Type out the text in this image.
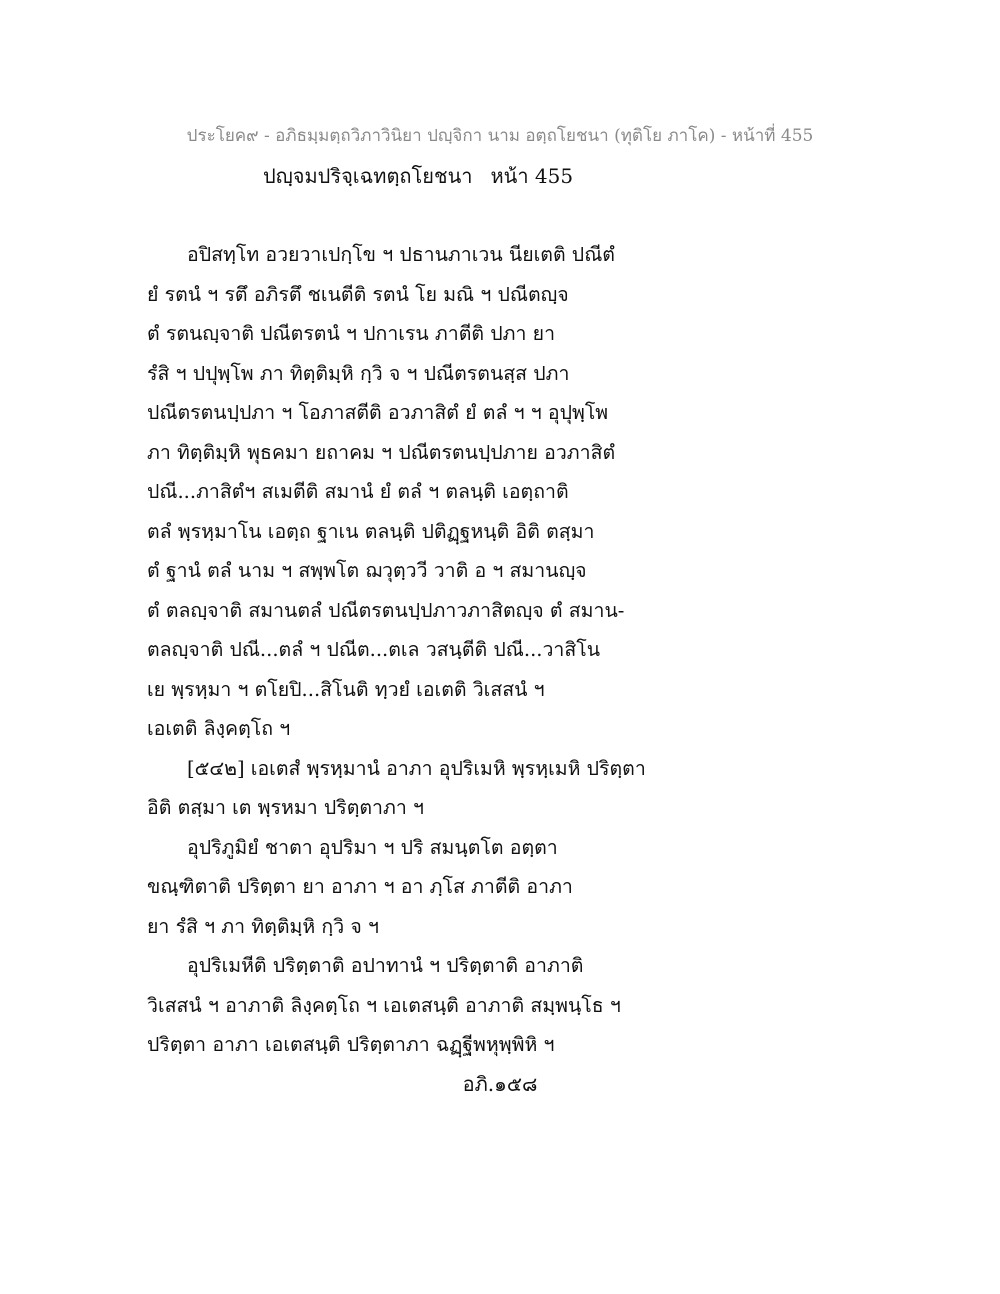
ประโยค๙ - อภิธมฺมตฺถวิภาวินิยา ปญฺจิกา นาม อตฺถโยชนา (ทุติโย ภาโค) - หน้าที่ 455
ปญฺจมปริจฺเฉทตฺถโยชนา หน้า 455
อปิสทฺโท อวยวาเปกฺโข ฯ ปธานภาเวน นียเตติ ปณีตํ
ยํ รตนํ ฯ รตึ อภิรตึ ชเนตีติ รตนํ โย มณิ ฯ ปณีตญฺจ
ตํ รตนญฺจาติ ปณีตรตนํ ฯ ปกาเรน ภาตีติ ปภา ยา
รํสิ ฯ ปปุพฺโพ ภา ทิตฺติมฺหิ กฺวิ จ ฯ ปณีตรตนสฺส ปภา
ปณีตรตนปฺปภา ฯ โอภาสตีติ อวภาสิตํ ยํ ตลํ ฯ ฯ อุปุพฺโพ
ภา ทิตฺติมฺหิ พุธคมา ยถาคม ฯ ปณีตรตนปฺปภาย อวภาสิตํ
ปณี...ภาสิตํฯ สเมตีติ สมานํ ยํ ตลํ ฯ ตลนฺติ เอตฺถาติ
ตลํ พฺรหฺมาโน เอตฺถ ฐาเน ตลนฺติ ปติฏฺฐหนฺติ อิติ ตสฺมา
ตํ ฐานํ ตลํ นาม ฯ สพฺพโต ฌวุตฺววี วาติ อ ฯ สมานญฺจ
ตํ ตลญฺจาติ สมานตลํ ปณีตรตนปฺปภาวภาสิตญฺจ ตํ สมาน-
ตลญฺจาติ ปณี...ตลํ ฯ ปณีต...ตเล วสนฺตีติ ปณี...วาสิโน
เย พฺรหฺมา ฯ ตโยปิ...สิโนติ ทฺวยํ เอเตติ วิเสสนํ ฯ
เอเตติ ลิงฺคตฺโถ ฯ
[๕๔๒] เอเตสํ พฺรหฺมานํ อาภา อุปริเมหิ พฺรหฺเมหิ ปริตฺตา
อิติ ตสฺมา เต พฺรหมา ปริตฺตาภา ฯ
อุปริภูมิยํ ชาตา อุปริมา ฯ ปริ สมนฺตโต อตฺตา
ขณฺฑิตาติ ปริตฺตา ยา อาภา ฯ อา ภฺโส ภาตีติ อาภา
ยา รํสิ ฯ ภา ทิตฺติมฺหิ กฺวิ จ ฯ
อุปริเมหีติ ปริตฺตาติ อปาทานํ ฯ ปริตฺตาติ อาภาติ
วิเสสนํ ฯ อาภาติ ลิงฺคตฺโถ ฯ เอเตสนฺติ อาภาติ สมฺพนฺโธ ฯ
ปริตฺตา อาภา เอเตสนฺติ ปริตฺตาภา ฉฏฺฐีพหุพฺพิหิ ฯ
อภิ.๑๕๘
